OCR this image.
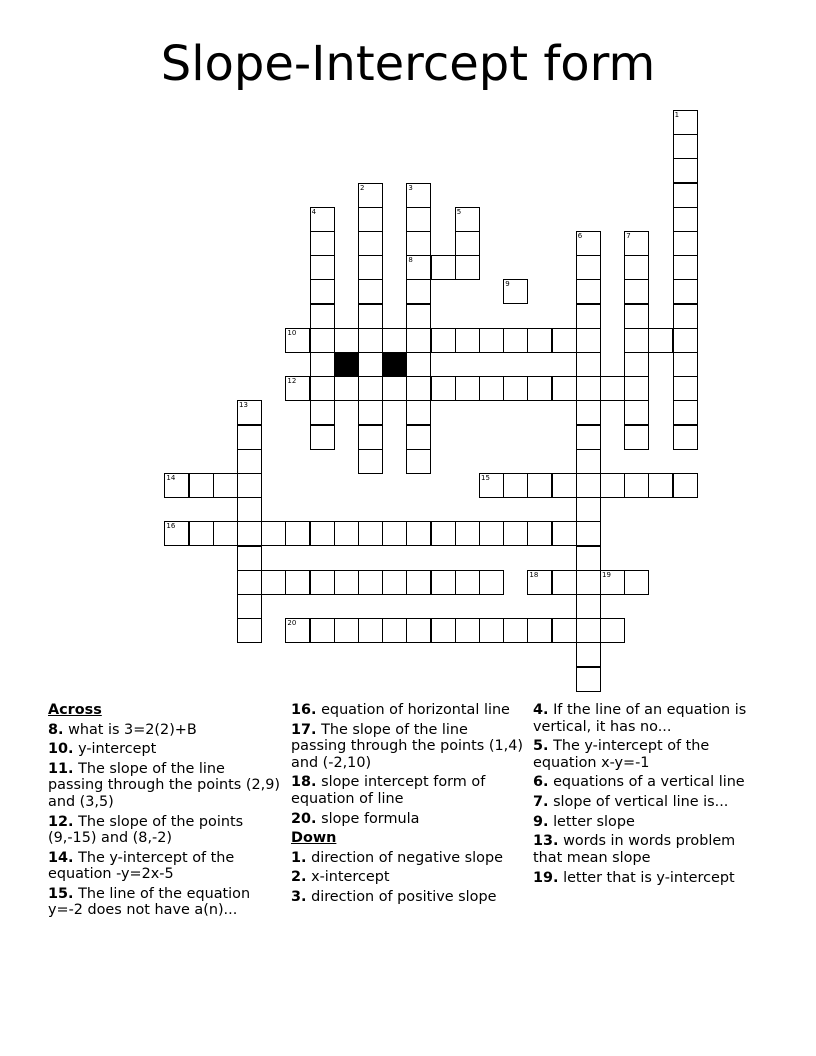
Slope-Intercept form
1
2	3
8
4	5
6	7
9
10
12
13
14	15
16
18	19
20
Across
8. what is 3=2(2)+B
10. y-intercept
11. The slope of the line passing through the points (2,9) and (3,5)
12. The slope of the points (9,-15) and (8,-2)
14. The y-intercept of the equation -y=2x-5
15. The line of the equation y=-2 does not have a(n)...
16. equation of horizontal line
17. The slope of the line passing through the points (1,4) and (-2,10)
18. slope intercept form of equation of line
20. slope formula
Down
1. direction of negative slope
2. x-intercept
3. direction of positive slope
4. If the line of an equation is vertical, it has no...
5. The y-intercept of the equation x-y=-1
6. equations of a vertical line
7. slope of vertical line is...
9. letter slope
13. words in words problem that mean slope
19. letter that is y-intercept
